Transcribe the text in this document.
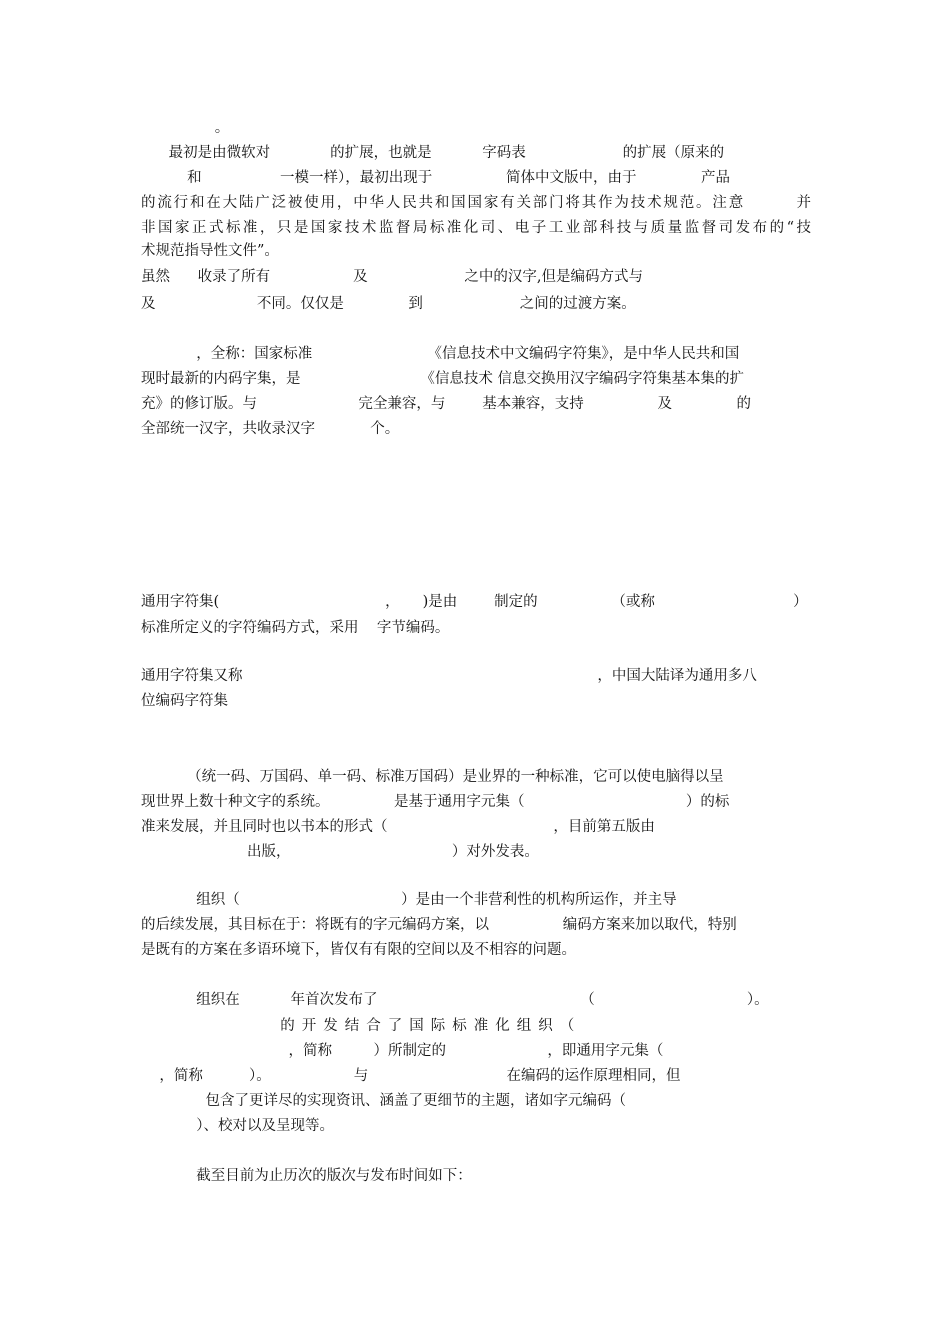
。
最初是由微软对             的扩展，也就是           字码表                     的扩展（原来的
和                 一模一样），最初出现于                简体中文版中，由于              产品
的流行和在大陆广泛被使用，中华人民共和国国家有关部门将其作为技术规范。注意        并
非国家正式标准，只是国家技术监督局标准化司、电子工业部科技与质量监督司发布的“技
术规范指导性文件”。
虽然      收录了所有                  及                     之中的汉字,但是编码方式与
及                      不同。仅仅是              到                     之间的过渡方案。
，全称：国家标准                         《信息技术中文编码字符集》，是中华人民共和国
现时最新的内码字集，是                          《信息技术 信息交换用汉字编码字符集基本集的扩
充》的修订版。与                      完全兼容，与        基本兼容，支持                及              的
全部统一汉字，共收录汉字            个。
通用字符集(                                    ，     )是由        制定的                （或称                              ）
标准所定义的字符编码方式，采用    字节编码。
通用字符集又称                                                                             ，中国大陆译为通用多八
位编码字符集
（统一码、万国码、单一码、标准万国码）是业界的一种标准，它可以使电脑得以呈
现世界上数十种文字的系统。              是基于通用字元集（                                   ）的标
准来发展，并且同时也以书本的形式（                                    ，目前第五版由
出版，                                   ）对外发表。
组织（                                   ）是由一个非营利性的机构所运作，并主导
的后续发展，其目标在于：将既有的字元编码方案，以                编码方案来加以取代，特别
是既有的方案在多语环境下，皆仅有有限的空间以及不相容的问题。
组织在           年首次发布了                                            （                                 ）。
的开发结合了国际标准化组织（
，简称         ）所制定的                      ，即通用字元集（
，简称          ）。                  与                              在编码的运作原理相同，但
包含了更详尽的实现资讯、涵盖了更细节的主题，诸如字元编码（
）、校对以及呈现等。
截至目前为止历次的版次与发布时间如下：
